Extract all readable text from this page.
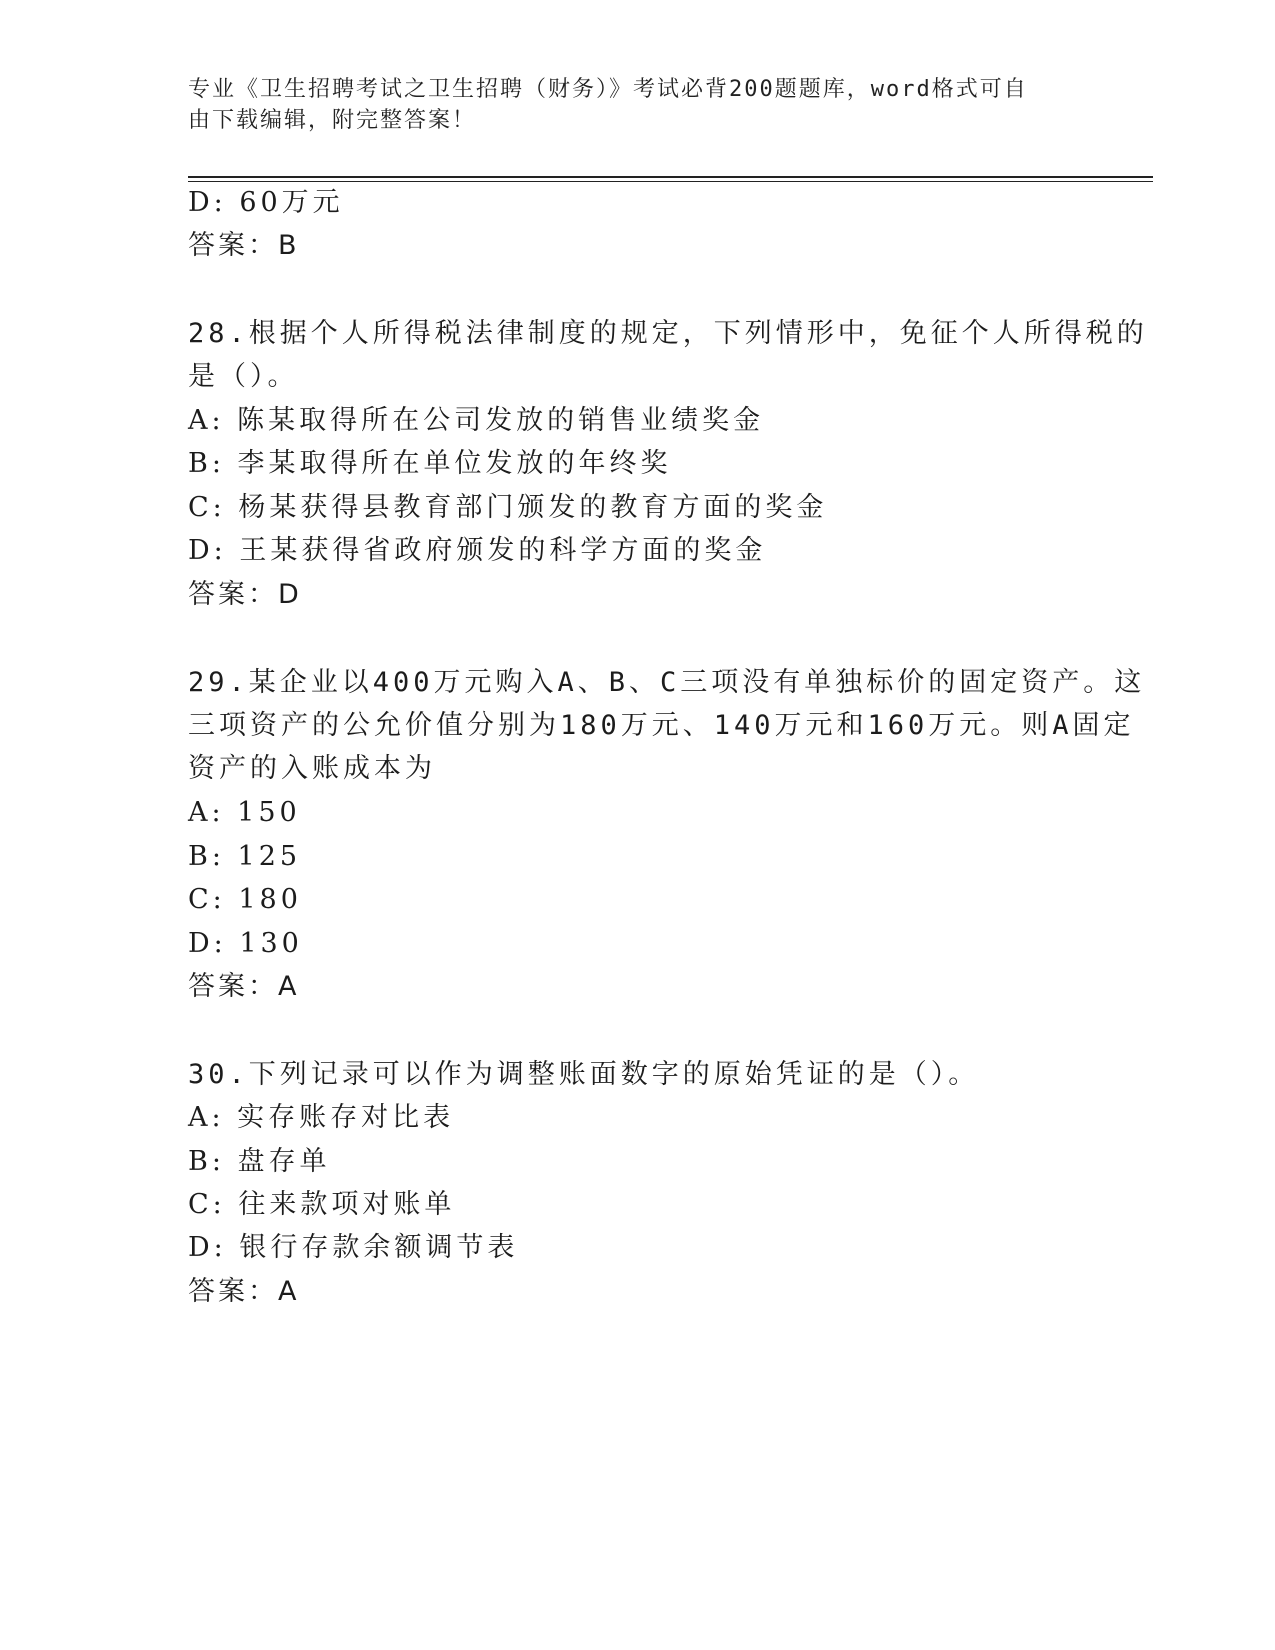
专业《卫生招聘考试之卫生招聘（财务）》考试必背200题题库，word格式可自
由下载编辑，附完整答案！
D: 60万元
答案：B
28.根据个人所得税法律制度的规定，下列情形中，免征个人所得税的
是（）。
A: 陈某取得所在公司发放的销售业绩奖金
B: 李某取得所在单位发放的年终奖
C: 杨某获得县教育部门颁发的教育方面的奖金
D: 王某获得省政府颁发的科学方面的奖金
答案：D
29.某企业以400万元购入A、B、C三项没有单独标价的固定资产。这
三项资产的公允价值分别为180万元、140万元和160万元。则A固定
资产的入账成本为
A: 150
B: 125
C: 180
D: 130
答案：A
30.下列记录可以作为调整账面数字的原始凭证的是（）。
A: 实存账存对比表
B: 盘存单
C: 往来款项对账单
D: 银行存款余额调节表
答案：A
